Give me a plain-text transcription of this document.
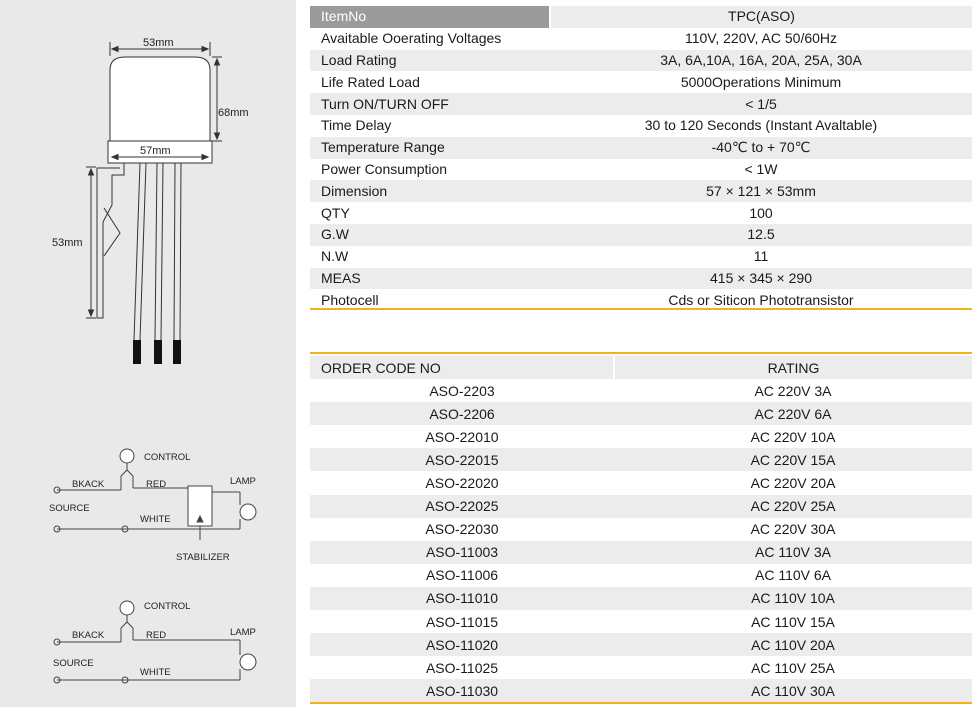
53mm
68mm
57mm
53mm
CONTROL
BKACK	RED	LAMP
SOURCE
WHITE
STABILIZER
CONTROL
BKACK	RED	LAMP
SOURCE
WHITE
ItemNo	TPC(ASO)
Avaitable Ooerating Voltages	110V, 220V, AC 50/60Hz
Load Rating	3A, 6A,10A, 16A, 20A, 25A, 30A
Life Rated Load	5000Operations Minimum
Turn ON/TURN OFF	< 1/5
Time Delay	30 to 120 Seconds (Instant Avaltable)
Temperature Range	-40℃ to + 70℃
Power Consumption	< 1W
Dimension	57 × 121 × 53mm
QTY	100
G.W	12.5
N.W	11
MEAS	415 × 345 × 290
Photocell	Cds or Siticon Phototransistor
ORDER CODE NO	RATING
ASO-2203	AC 220V 3A
ASO-2206	AC 220V 6A
ASO-22010	AC 220V 10A
ASO-22015	AC 220V 15A
ASO-22020	AC 220V 20A
ASO-22025	AC 220V 25A
ASO-22030	AC 220V 30A
ASO-11003	AC 110V 3A
ASO-11006	AC 110V 6A
ASO-11010	AC 110V 10A
ASO-11015	AC 110V 15A
ASO-11020	AC 110V 20A
ASO-11025	AC 110V 25A
ASO-11030	AC 110V 30A
